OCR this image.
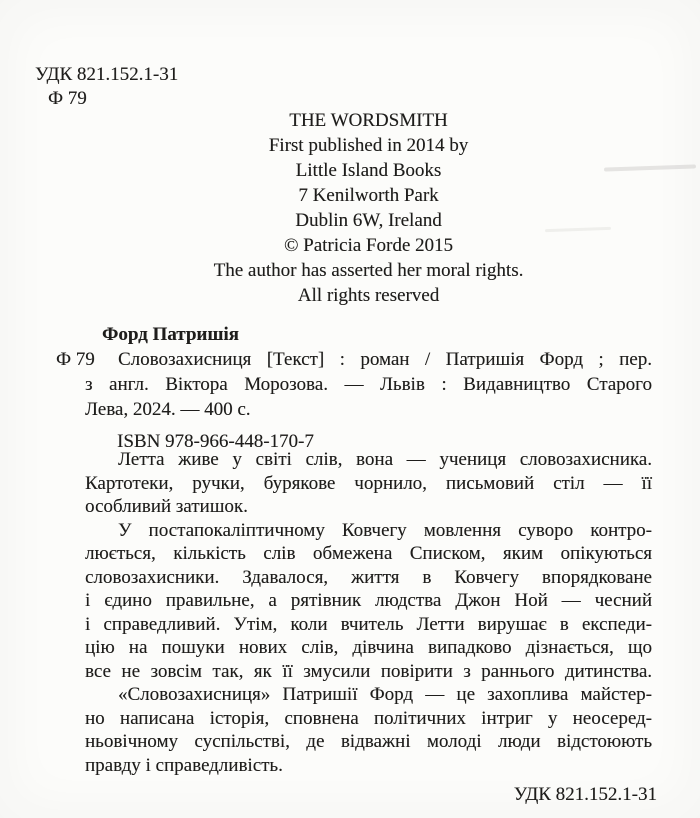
УДК 821.152.1-31
Ф 79
THE WORDSMITH
First published in 2014 by
Little Island Books
7 Kenilworth Park
Dublin 6W, Ireland
© Patricia Forde 2015
The author has asserted her moral rights.
All rights reserved
Форд Патришія
Ф 79	Словозахисниця [Текст] : роман / Патришія Форд ; пер.
з англ. Віктора Морозова. — Львів : Видавництво Старого
Лева, 2024. — 400 с.
ISBN 978-966-448-170-7
Летта живе у світі слів, вона — учениця словозахисника.
Картотеки, ручки, бурякове чорнило, письмовий стіл — її
особливий затишок.
У постапокаліптичному Ковчегу мовлення суворо контро-
люється, кількість слів обмежена Списком, яким опікуються
словозахисники. Здавалося, життя в Ковчегу впорядковане
і єдино правильне, а рятівник людства Джон Ной — чесний
і справедливий. Утім, коли вчитель Летти вирушає в експеди-
цію на пошуки нових слів, дівчина випадково дізнається, що
все не зовсім так, як її змусили повірити з раннього дитинства.
«Словозахисниця» Патришії Форд — це захоплива майстер-
но написана історія, сповнена політичних інтриг у неосеред-
ньовічному суспільстві, де відважні молоді люди відстоюють
правду і справедливість.
УДК 821.152.1-31
